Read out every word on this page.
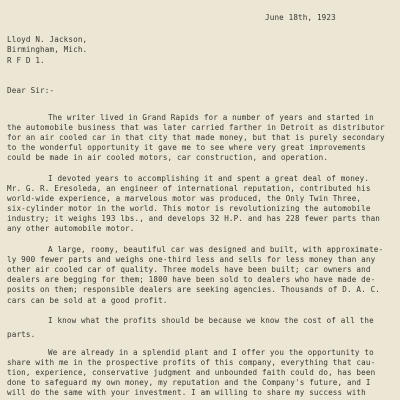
June 18th, 1923
Lloyd N. Jackson,
Birmingham, Mich.
R F D 1.
Dear Sir:-
The writer lived in Grand Rapids for a number of years and started in
the automobile business that was later carried farther in Detroit as distributor
for an air cooled car in that city that made money, but that is purely secondary
to the wonderful opportunity it gave me to see where very great improvements
could be made in air cooled motors, car construction, and operation.
I devoted years to accomplishing it and spent a great deal of money.
Mr. G. R. Eresoleda, an engineer of international reputation, contributed his
world-wide experience, a marvelous motor was produced, the Only Twin Three,
six-cylinder motor in the world. This motor is revolutionizing the automobile
industry; it weighs 193 lbs., and develops 32 H.P. and has 228 fewer parts than
any other automobile motor.
A large, roomy, beautiful car was designed and built, with approximate-
ly 900 fewer parts and weighs one-third less and sells for less money than any
other air cooled car of quality. Three models have been built; car owners and
dealers are begging for them; 1800 have been sold to dealers who have made de-
posits on them; responsible dealers are seeking agencies. Thousands of D. A. C.
cars can be sold at a good profit.
I know what the profits should be because we know the cost of all the
parts.
We are already in a splendid plant and I offer you the opportunity to
share with me in the prospective profits of this company, everything that cau-
tion, experience, conservative judgment and unbounded faith could do, has been
done to safeguard my own money, my reputation and the Company's future, and I
will do the same with your investment. I am willing to share my success with
